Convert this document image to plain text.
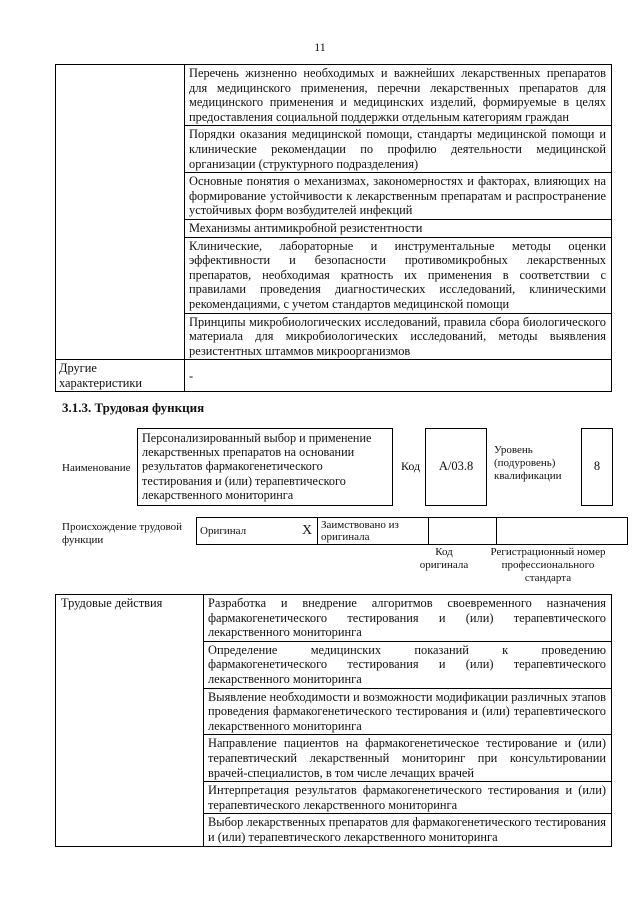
11
	Перечень жизненно необходимых и важнейших лекарственных препаратов для медицинского применения, перечни лекарственных препаратов для медицинского применения и медицинских изделий, формируемые в целях предоставления социальной поддержки отдельным категориям граждан
	Порядки оказания медицинской помощи, стандарты медицинской помощи и клинические рекомендации по профилю деятельности медицинской организации (структурного подразделения)
	Основные понятия о механизмах, закономерностях и факторах, влияющих на формирование устойчивости к лекарственным препаратам и распространение устойчивых форм возбудителей инфекций
	Механизмы антимикробной резистентности
	Клинические, лабораторные и инструментальные методы оценки эффективности и безопасности противомикробных лекарственных препаратов, необходимая кратность их применения в соответствии с правилами проведения диагностических исследований, клиническими рекомендациями, с учетом стандартов медицинской помощи
	Принципы микробиологических исследований, правила сбора биологического материала для микробиологических исследований, методы выявления резистентных штаммов микроорганизмов
Другие характеристики	-
3.1.3. Трудовая функция
Наименование
Персонализированный выбор и применение лекарственных препаратов на основании результатов фармакогенетического тестирования и (или) терапевтического лекарственного мониторинга
Код	A/03.8
Уровень (подуровень) квалификации
8
Происхождение трудовой функции
Оригинал	X	Заимствовано из оригинала		
Код оригинала
Регистрационный номер профессионального стандарта
Трудовые действия	Разработка и внедрение алгоритмов своевременного назначения фармакогенетического тестирования и (или) терапевтического лекарственного мониторинга
Определение медицинских показаний к проведению фармакогенетического тестирования и (или) терапевтического лекарственного мониторинга
Выявление необходимости и возможности модификации различных этапов проведения фармакогенетического тестирования и (или) терапевтического лекарственного мониторинга
Направление пациентов на фармакогенетическое тестирование и (или) терапевтический лекарственный мониторинг при консультировании врачей-специалистов, в том числе лечащих врачей
Интерпретация результатов фармакогенетического тестирования и (или) терапевтического лекарственного мониторинга
Выбор лекарственных препаратов для фармакогенетического тестирования и (или) терапевтического лекарственного мониторинга
